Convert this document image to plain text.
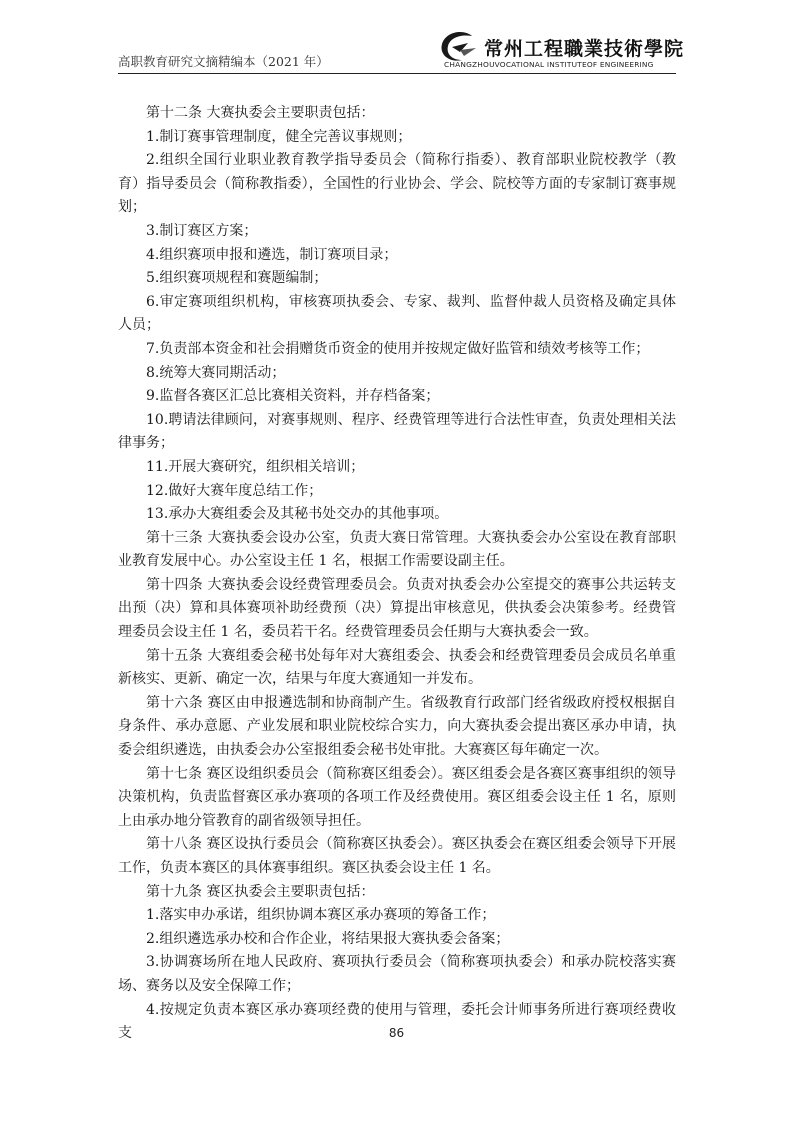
高职教育研究文摘精编本（2021 年）
常州工程職業技術學院
CHANGZHOUVOCATIONAL INSTITUTEOF ENGINEERING

第十二条 大赛执委会主要职责包括：

1.制订赛事管理制度，健全完善议事规则；

2.组织全国行业职业教育教学指导委员会（简称行指委）、教育部职业院校教学（教育）指导委员会（简称教指委），全国性的行业协会、学会、院校等方面的专家制订赛事规划；

3.制订赛区方案；

4.组织赛项申报和遴选，制订赛项目录；

5.组织赛项规程和赛题编制；

6.审定赛项组织机构，审核赛项执委会、专家、裁判、监督仲裁人员资格及确定具体人员；

7.负责部本资金和社会捐赠货币资金的使用并按规定做好监管和绩效考核等工作；

8.统筹大赛同期活动；

9.监督各赛区汇总比赛相关资料，并存档备案；

10.聘请法律顾问，对赛事规则、程序、经费管理等进行合法性审查，负责处理相关法律事务；

11.开展大赛研究，组织相关培训；

12.做好大赛年度总结工作；

13.承办大赛组委会及其秘书处交办的其他事项。

第十三条 大赛执委会设办公室，负责大赛日常管理。大赛执委会办公室设在教育部职业教育发展中心。办公室设主任 1 名，根据工作需要设副主任。

第十四条 大赛执委会设经费管理委员会。负责对执委会办公室提交的赛事公共运转支出预（决）算和具体赛项补助经费预（决）算提出审核意见，供执委会决策参考。经费管理委员会设主任 1 名，委员若干名。经费管理委员会任期与大赛执委会一致。

第十五条 大赛组委会秘书处每年对大赛组委会、执委会和经费管理委员会成员名单重新核实、更新、确定一次，结果与年度大赛通知一并发布。

第十六条 赛区由申报遴选制和协商制产生。省级教育行政部门经省级政府授权根据自身条件、承办意愿、产业发展和职业院校综合实力，向大赛执委会提出赛区承办申请，执委会组织遴选，由执委会办公室报组委会秘书处审批。大赛赛区每年确定一次。

第十七条 赛区设组织委员会（简称赛区组委会）。赛区组委会是各赛区赛事组织的领导决策机构，负责监督赛区承办赛项的各项工作及经费使用。赛区组委会设主任 1 名，原则上由承办地分管教育的副省级领导担任。

第十八条 赛区设执行委员会（简称赛区执委会）。赛区执委会在赛区组委会领导下开展工作，负责本赛区的具体赛事组织。赛区执委会设主任 1 名。

第十九条 赛区执委会主要职责包括：

1.落实申办承诺，组织协调本赛区承办赛项的筹备工作；

2.组织遴选承办校和合作企业，将结果报大赛执委会备案；

3.协调赛场所在地人民政府、赛项执行委员会（简称赛项执委会）和承办院校落实赛场、赛务以及安全保障工作；

4.按规定负责本赛区承办赛项经费的使用与管理，委托会计师事务所进行赛项经费收支	86
